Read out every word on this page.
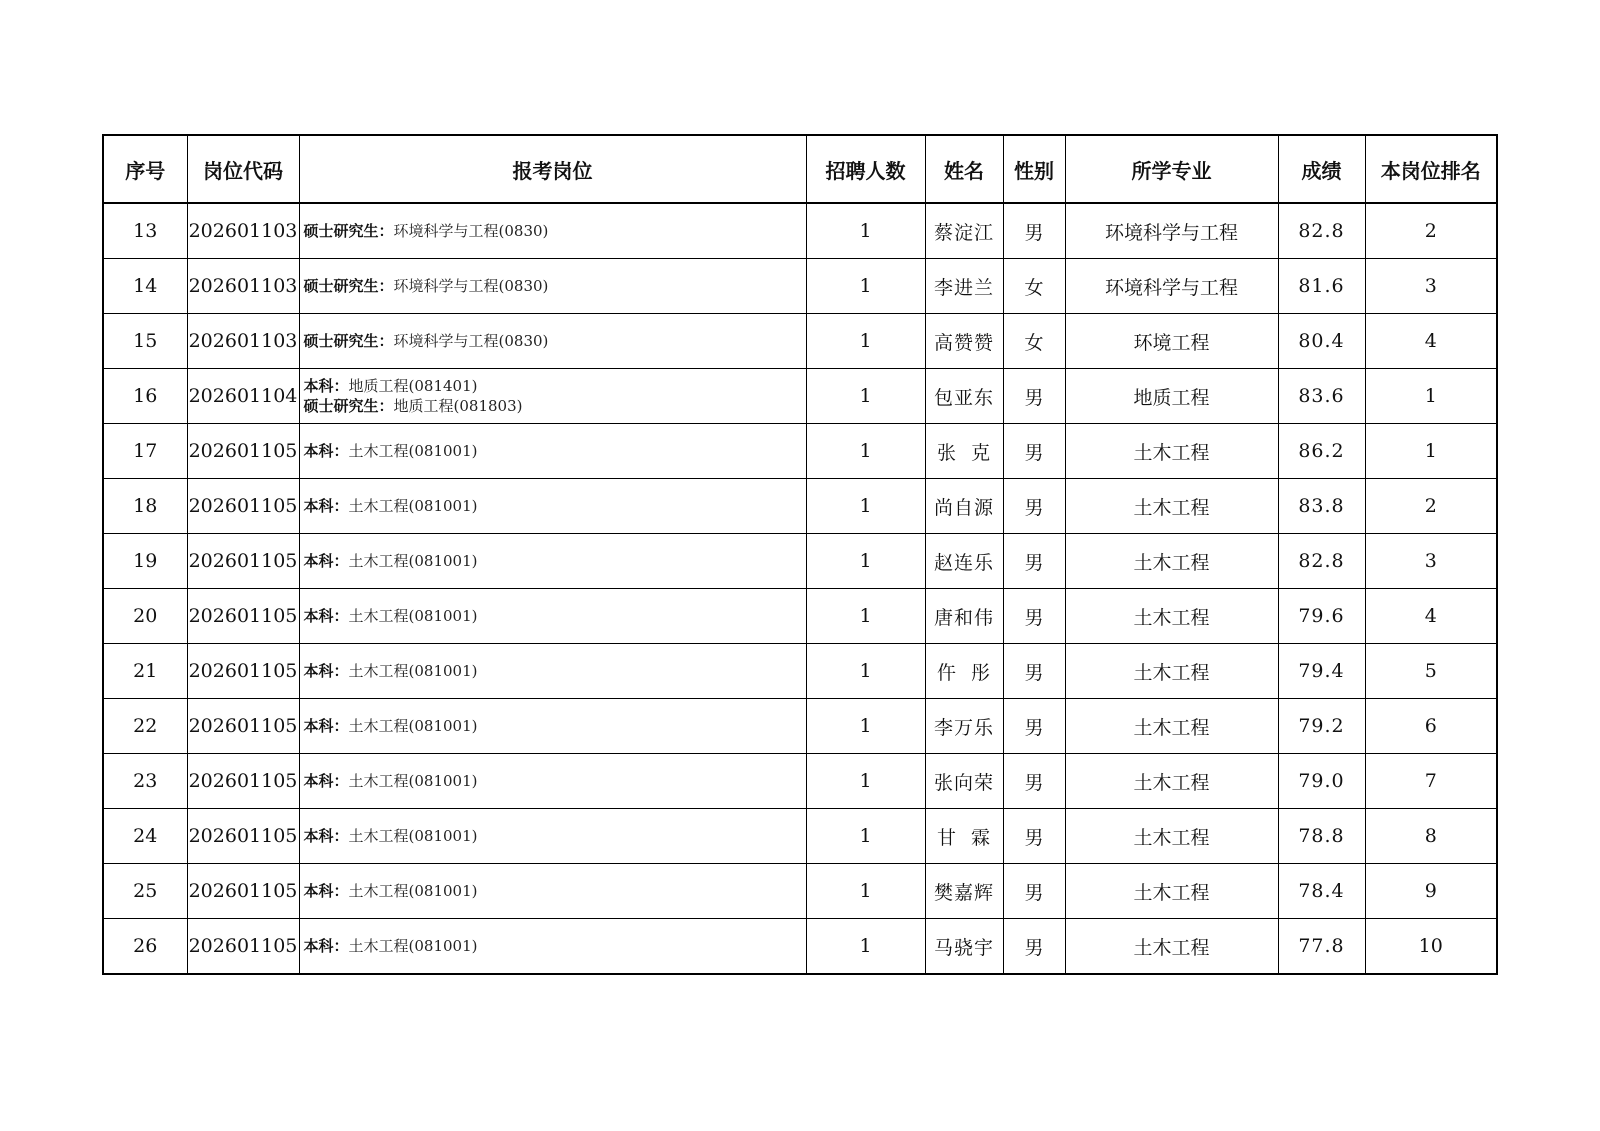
序号	岗位代码	报考岗位	招聘人数	姓名	性别	所学专业	成绩	本岗位排名
13	202601103	硕士研究生：环境科学与工程(0830)	1	蔡淀江	男	环境科学与工程	82.8	2
14	202601103	硕士研究生：环境科学与工程(0830)	1	李进兰	女	环境科学与工程	81.6	3
15	202601103	硕士研究生：环境科学与工程(0830)	1	高赞赞	女	环境工程	80.4	4
16	202601104	本科：地质工程(081401)
硕士研究生：地质工程(081803)	1	包亚东	男	地质工程	83.6	1
17	202601105	本科：土木工程(081001)	1	张  克	男	土木工程	86.2	1
18	202601105	本科：土木工程(081001)	1	尚自源	男	土木工程	83.8	2
19	202601105	本科：土木工程(081001)	1	赵连乐	男	土木工程	82.8	3
20	202601105	本科：土木工程(081001)	1	唐和伟	男	土木工程	79.6	4
21	202601105	本科：土木工程(081001)	1	仵  彤	男	土木工程	79.4	5
22	202601105	本科：土木工程(081001)	1	李万乐	男	土木工程	79.2	6
23	202601105	本科：土木工程(081001)	1	张向荣	男	土木工程	79.0	7
24	202601105	本科：土木工程(081001)	1	甘  霖	男	土木工程	78.8	8
25	202601105	本科：土木工程(081001)	1	樊嘉辉	男	土木工程	78.4	9
26	202601105	本科：土木工程(081001)	1	马骁宇	男	土木工程	77.8	10
